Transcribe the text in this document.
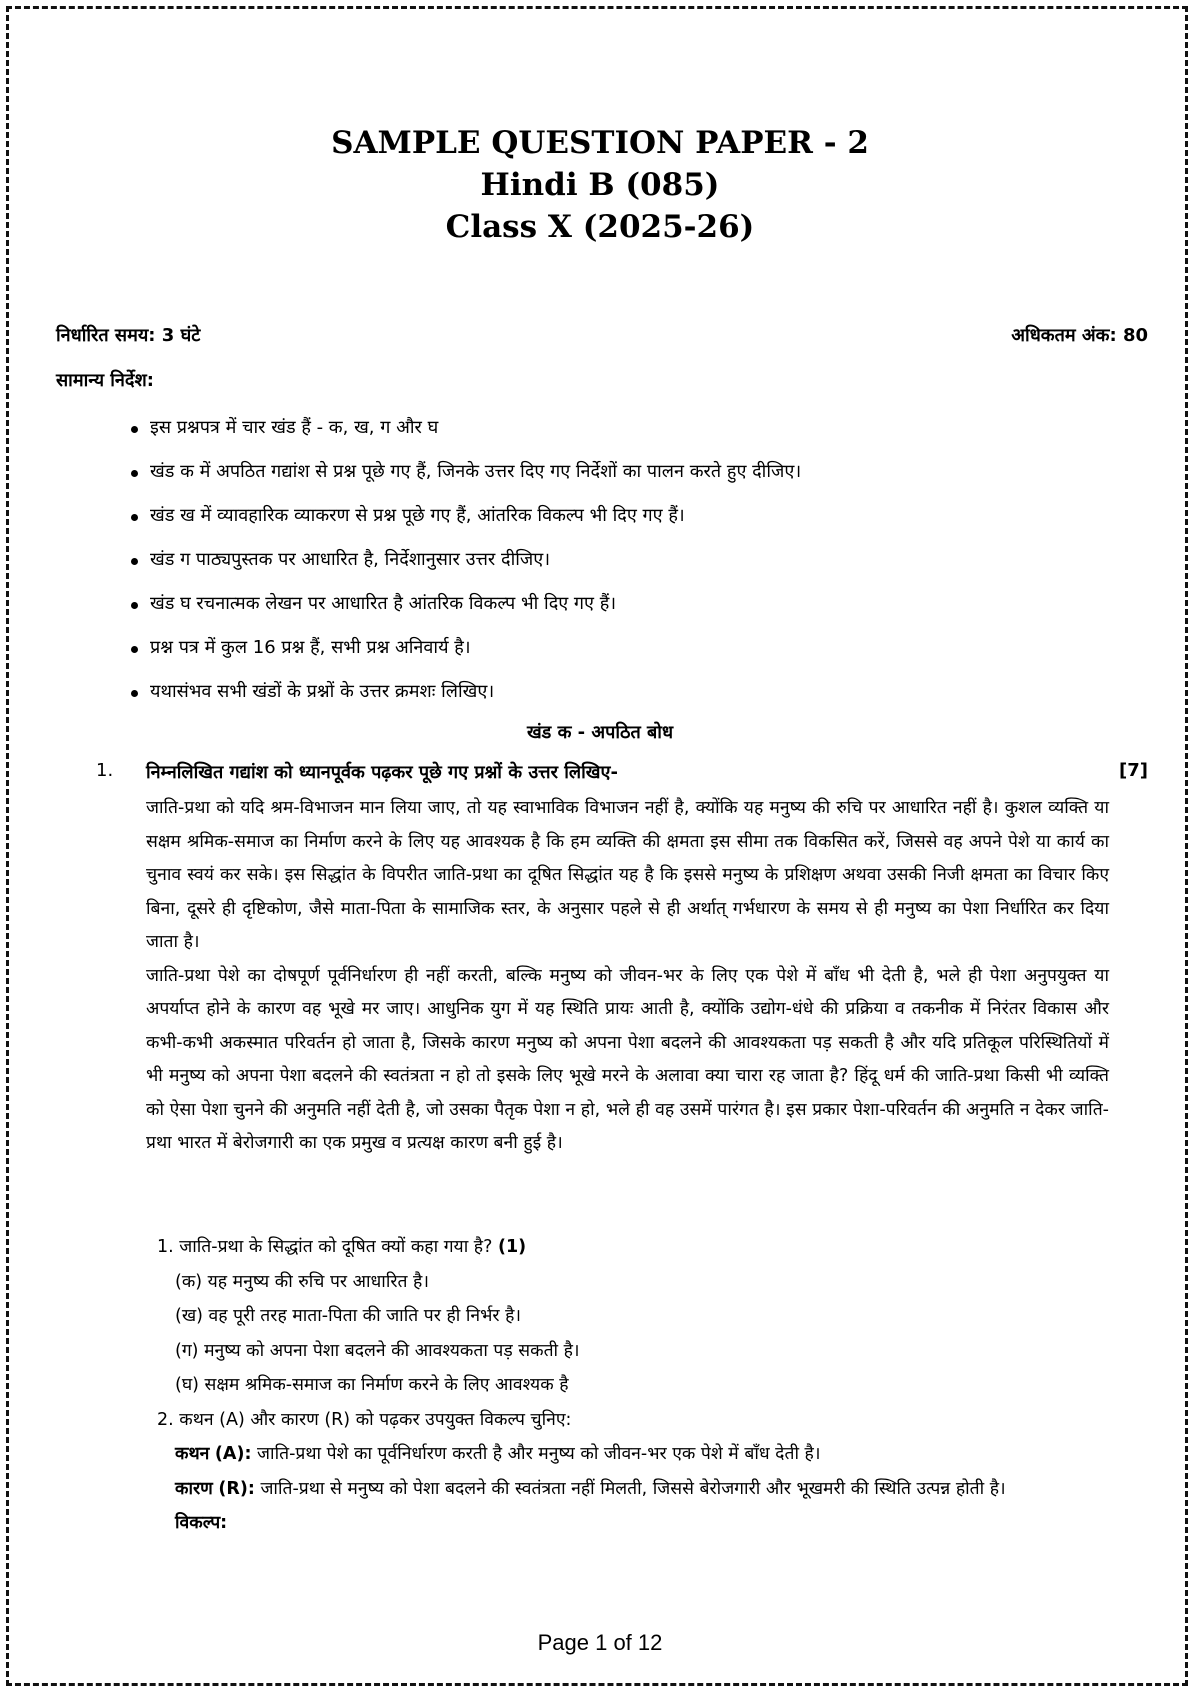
SAMPLE QUESTION PAPER - 2
Hindi B (085)
Class X (2025-26)
निर्धारित समय: 3 घंटे	अधिकतम अंक: 80
सामान्य निर्देश:
इस प्रश्नपत्र में चार खंड हैं - क, ख, ग और घ
खंड क में अपठित गद्यांश से प्रश्न पूछे गए हैं, जिनके उत्तर दिए गए निर्देशों का पालन करते हुए दीजिए।
खंड ख में व्यावहारिक व्याकरण से प्रश्न पूछे गए हैं, आंतरिक विकल्प भी दिए गए हैं।
खंड ग पाठ्यपुस्तक पर आधारित है, निर्देशानुसार उत्तर दीजिए।
खंड घ रचनात्मक लेखन पर आधारित है आंतरिक विकल्प भी दिए गए हैं।
प्रश्न पत्र में कुल 16 प्रश्न हैं, सभी प्रश्न अनिवार्य है।
यथासंभव सभी खंडों के प्रश्नों के उत्तर क्रमशः लिखिए।
खंड क - अपठित बोध
1. निम्नलिखित गद्यांश को ध्यानपूर्वक पढ़कर पूछे गए प्रश्नों के उत्तर लिखिए-	[7]

जाति-प्रथा को यदि श्रम-विभाजन मान लिया जाए, तो यह स्वाभाविक विभाजन नहीं है, क्योंकि यह मनुष्य की रुचि पर आधारित नहीं है। कुशल व्यक्ति या सक्षम श्रमिक-समाज का निर्माण करने के लिए यह आवश्यक है कि हम व्यक्ति की क्षमता इस सीमा तक विकसित करें, जिससे वह अपने पेशे या कार्य का चुनाव स्वयं कर सके। इस सिद्धांत के विपरीत जाति-प्रथा का दूषित सिद्धांत यह है कि इससे मनुष्य के प्रशिक्षण अथवा उसकी निजी क्षमता का विचार किए बिना, दूसरे ही दृष्टिकोण, जैसे माता-पिता के सामाजिक स्तर, के अनुसार पहले से ही अर्थात् गर्भधारण के समय से ही मनुष्य का पेशा निर्धारित कर दिया जाता है।

जाति-प्रथा पेशे का दोषपूर्ण पूर्वनिर्धारण ही नहीं करती, बल्कि मनुष्य को जीवन-भर के लिए एक पेशे में बाँध भी देती है, भले ही पेशा अनुपयुक्त या अपर्याप्त होने के कारण वह भूखे मर जाए। आधुनिक युग में यह स्थिति प्रायः आती है, क्योंकि उद्योग-धंधे की प्रक्रिया व तकनीक में निरंतर विकास और कभी-कभी अकस्मात परिवर्तन हो जाता है, जिसके कारण मनुष्य को अपना पेशा बदलने की आवश्यकता पड़ सकती है और यदि प्रतिकूल परिस्थितियों में भी मनुष्य को अपना पेशा बदलने की स्वतंत्रता न हो तो इसके लिए भूखे मरने के अलावा क्या चारा रह जाता है? हिंदू धर्म की जाति-प्रथा किसी भी व्यक्ति को ऐसा पेशा चुनने की अनुमति नहीं देती है, जो उसका पैतृक पेशा न हो, भले ही वह उसमें पारंगत है। इस प्रकार पेशा-परिवर्तन की अनुमति न देकर जाति-प्रथा भारत में बेरोजगारी का एक प्रमुख व प्रत्यक्ष कारण बनी हुई है।

1. जाति-प्रथा के सिद्धांत को दूषित क्यों कहा गया है? (1)
(क) यह मनुष्य की रुचि पर आधारित है।
(ख) वह पूरी तरह माता-पिता की जाति पर ही निर्भर है।
(ग) मनुष्य को अपना पेशा बदलने की आवश्यकता पड़ सकती है।
(घ) सक्षम श्रमिक-समाज का निर्माण करने के लिए आवश्यक है
2. कथन (A) और कारण (R) को पढ़कर उपयुक्त विकल्प चुनिए:
कथन (A): जाति-प्रथा पेशे का पूर्वनिर्धारण करती है और मनुष्य को जीवन-भर एक पेशे में बाँध देती है।
कारण (R): जाति-प्रथा से मनुष्य को पेशा बदलने की स्वतंत्रता नहीं मिलती, जिससे बेरोजगारी और भूखमरी की स्थिति उत्पन्न होती है।
विकल्प:
Page 1 of 12
